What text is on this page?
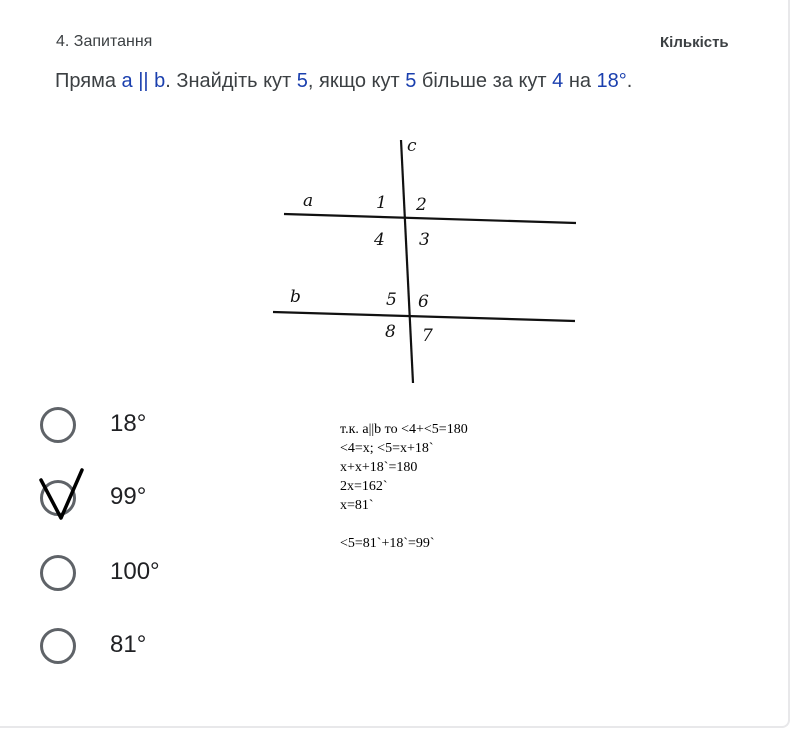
4. Запитання	Кількість
Пряма a || b. Знайдіть кут 5, якщо кут 5 більше за кут 4 на 18°.
c
a
b
1 2
3
4
5 6
7
8
18°
99°
100°
81°
т.к. a||b то <4+<5=180
<4=x; <5=x+18`
x+x+18`=180
2x=162`
x=81`
<5=81`+18`=99`
